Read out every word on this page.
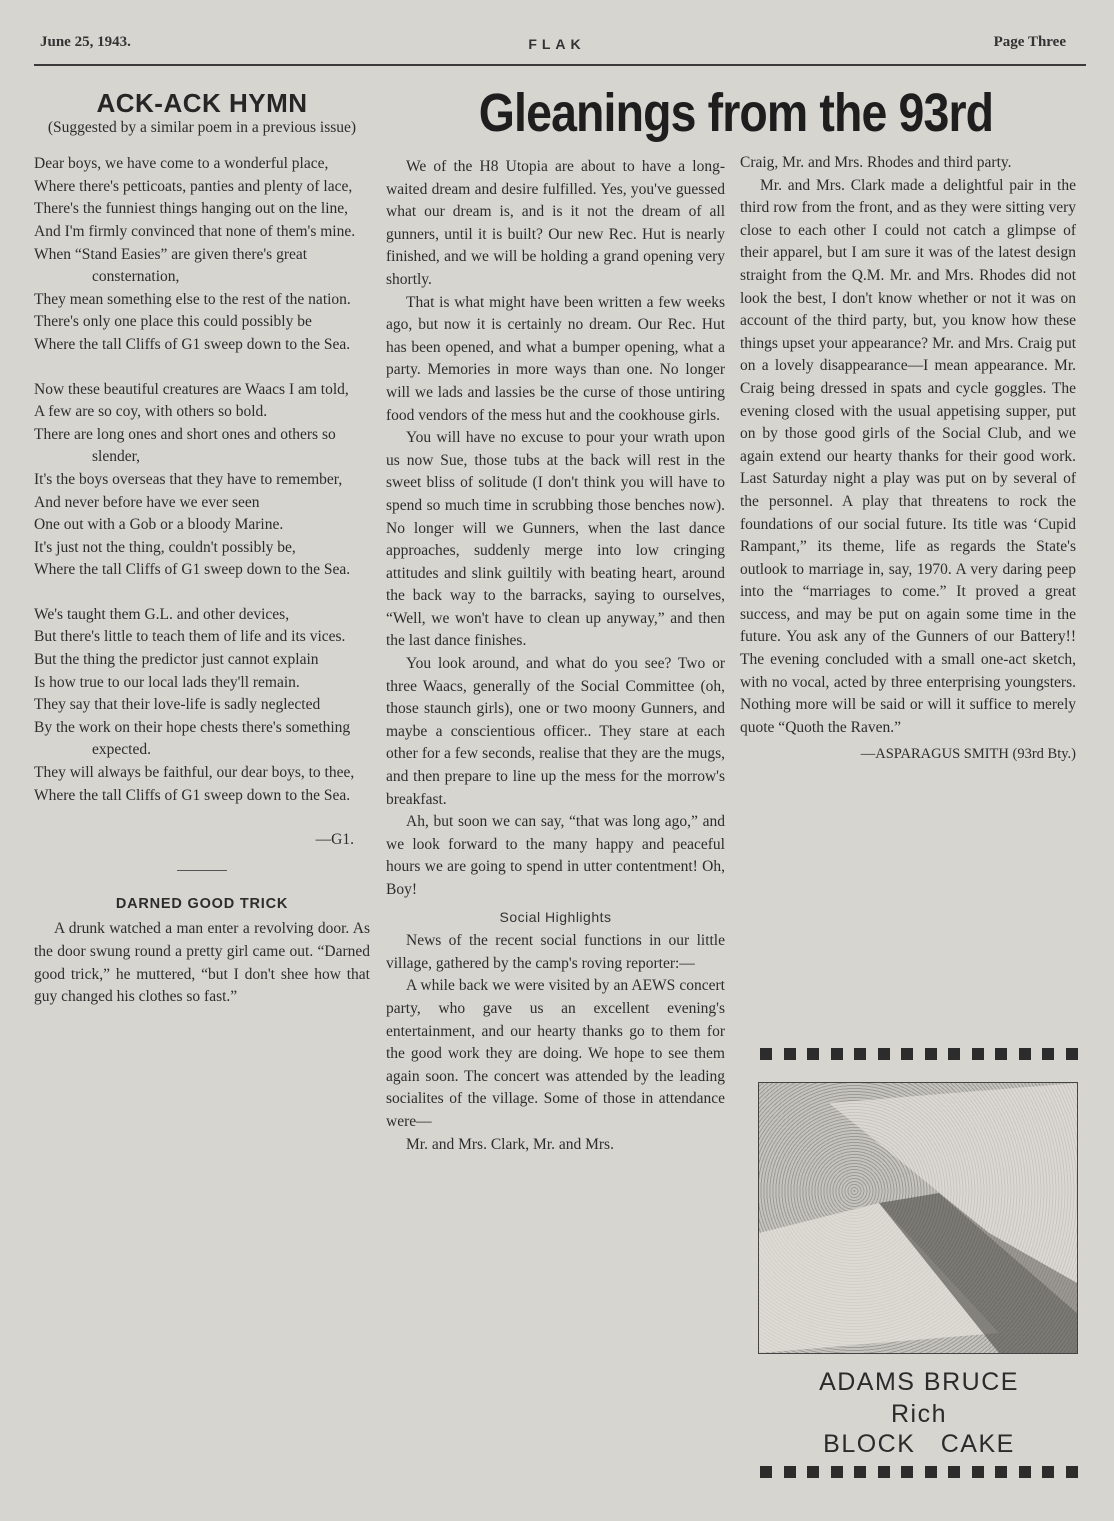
June 25, 1943.	FLAK	Page Three
ACK-ACK HYMN
(Suggested by a similar poem in a previous issue)
Dear boys, we have come to a wonderful place,
Where there's petticoats, panties and plenty of lace,
There's the funniest things hanging out on the line,
And I'm firmly convinced that none of them's mine.
When “Stand Easies” are given there's great consternation,
They mean something else to the rest of the nation.
There's only one place this could possibly be
Where the tall Cliffs of G1 sweep down to the Sea.
Now these beautiful creatures are Waacs I am told,
A few are so coy, with others so bold.
There are long ones and short ones and others so slender,
It's the boys overseas that they have to remember,
And never before have we ever seen
One out with a Gob or a bloody Marine.
It's just not the thing, couldn't possibly be,
Where the tall Cliffs of G1 sweep down to the Sea.
We's taught them G.L. and other devices,
But there's little to teach them of life and its vices.
But the thing the predictor just cannot explain
Is how true to our local lads they'll remain.
They say that their love-life is sadly neglected
By the work on their hope chests there's something expected.
They will always be faithful, our dear boys, to thee,
Where the tall Cliffs of G1 sweep down to the Sea.
—G1.
DARNED GOOD TRICK

A drunk watched a man enter a revolving door. As the door swung round a pretty girl came out. “Darned good trick,” he muttered, “but I don't shee how that guy changed his clothes so fast.”

Gleanings from the 93rd

We of the H8 Utopia are about to have a long-waited dream and desire fulfilled. Yes, you've guessed what our dream is, and is it not the dream of all gunners, until it is built? Our new Rec. Hut is nearly finished, and we will be holding a grand opening very shortly.

That is what might have been written a few weeks ago, but now it is certainly no dream. Our Rec. Hut has been opened, and what a bumper opening, what a party. Memories in more ways than one. No longer will we lads and lassies be the curse of those untiring food vendors of the mess hut and the cookhouse girls.

You will have no excuse to pour your wrath upon us now Sue, those tubs at the back will rest in the sweet bliss of solitude (I don't think you will have to spend so much time in scrubbing those benches now). No longer will we Gunners, when the last dance approaches, suddenly merge into low cringing attitudes and slink guiltily with beating heart, around the back way to the barracks, saying to ourselves, “Well, we won't have to clean up anyway,” and then the last dance finishes.

You look around, and what do you see? Two or three Waacs, generally of the Social Committee (oh, those staunch girls), one or two moony Gunners, and maybe a conscientious officer.. They stare at each other for a few seconds, realise that they are the mugs, and then prepare to line up the mess for the morrow's breakfast.

Ah, but soon we can say, “that was long ago,” and we look forward to the many happy and peaceful hours we are going to spend in utter contentment! Oh, Boy!

Social Highlights

News of the recent social functions in our little village, gathered by the camp's roving reporter:—

A while back we were visited by an AEWS concert party, who gave us an excellent evening's entertainment, and our hearty thanks go to them for the good work they are doing. We hope to see them again soon. The concert was attended by the leading socialites of the village. Some of those in attendance were—

Mr. and Mrs. Clark, Mr. and Mrs.

Craig, Mr. and Mrs. Rhodes and third party.

Mr. and Mrs. Clark made a delightful pair in the third row from the front, and as they were sitting very close to each other I could not catch a glimpse of their apparel, but I am sure it was of the latest design straight from the Q.M. Mr. and Mrs. Rhodes did not look the best, I don't know whether or not it was on account of the third party, but, you know how these things upset your appearance? Mr. and Mrs. Craig put on a lovely disappearance—I mean appearance. Mr. Craig being dressed in spats and cycle goggles. The evening closed with the usual appetising supper, put on by those good girls of the Social Club, and we again extend our hearty thanks for their good work. Last Saturday night a play was put on by several of the personnel. A play that threatens to rock the foundations of our social future. Its title was ‘Cupid Rampant,” its theme, life as regards the State's outlook to marriage in, say, 1970. A very daring peep into the “marriages to come.” It proved a great success, and may be put on again some time in the future. You ask any of the Gunners of our Battery!! The evening concluded with a small one-act sketch, with no vocal, acted by three enterprising youngsters. Nothing more will be said or will it suffice to merely quote “Quoth the Raven.”

—ASPARAGUS SMITH (93rd Bty.)
ADAMS BRUCE
Rich
BLOCK   CAKE
